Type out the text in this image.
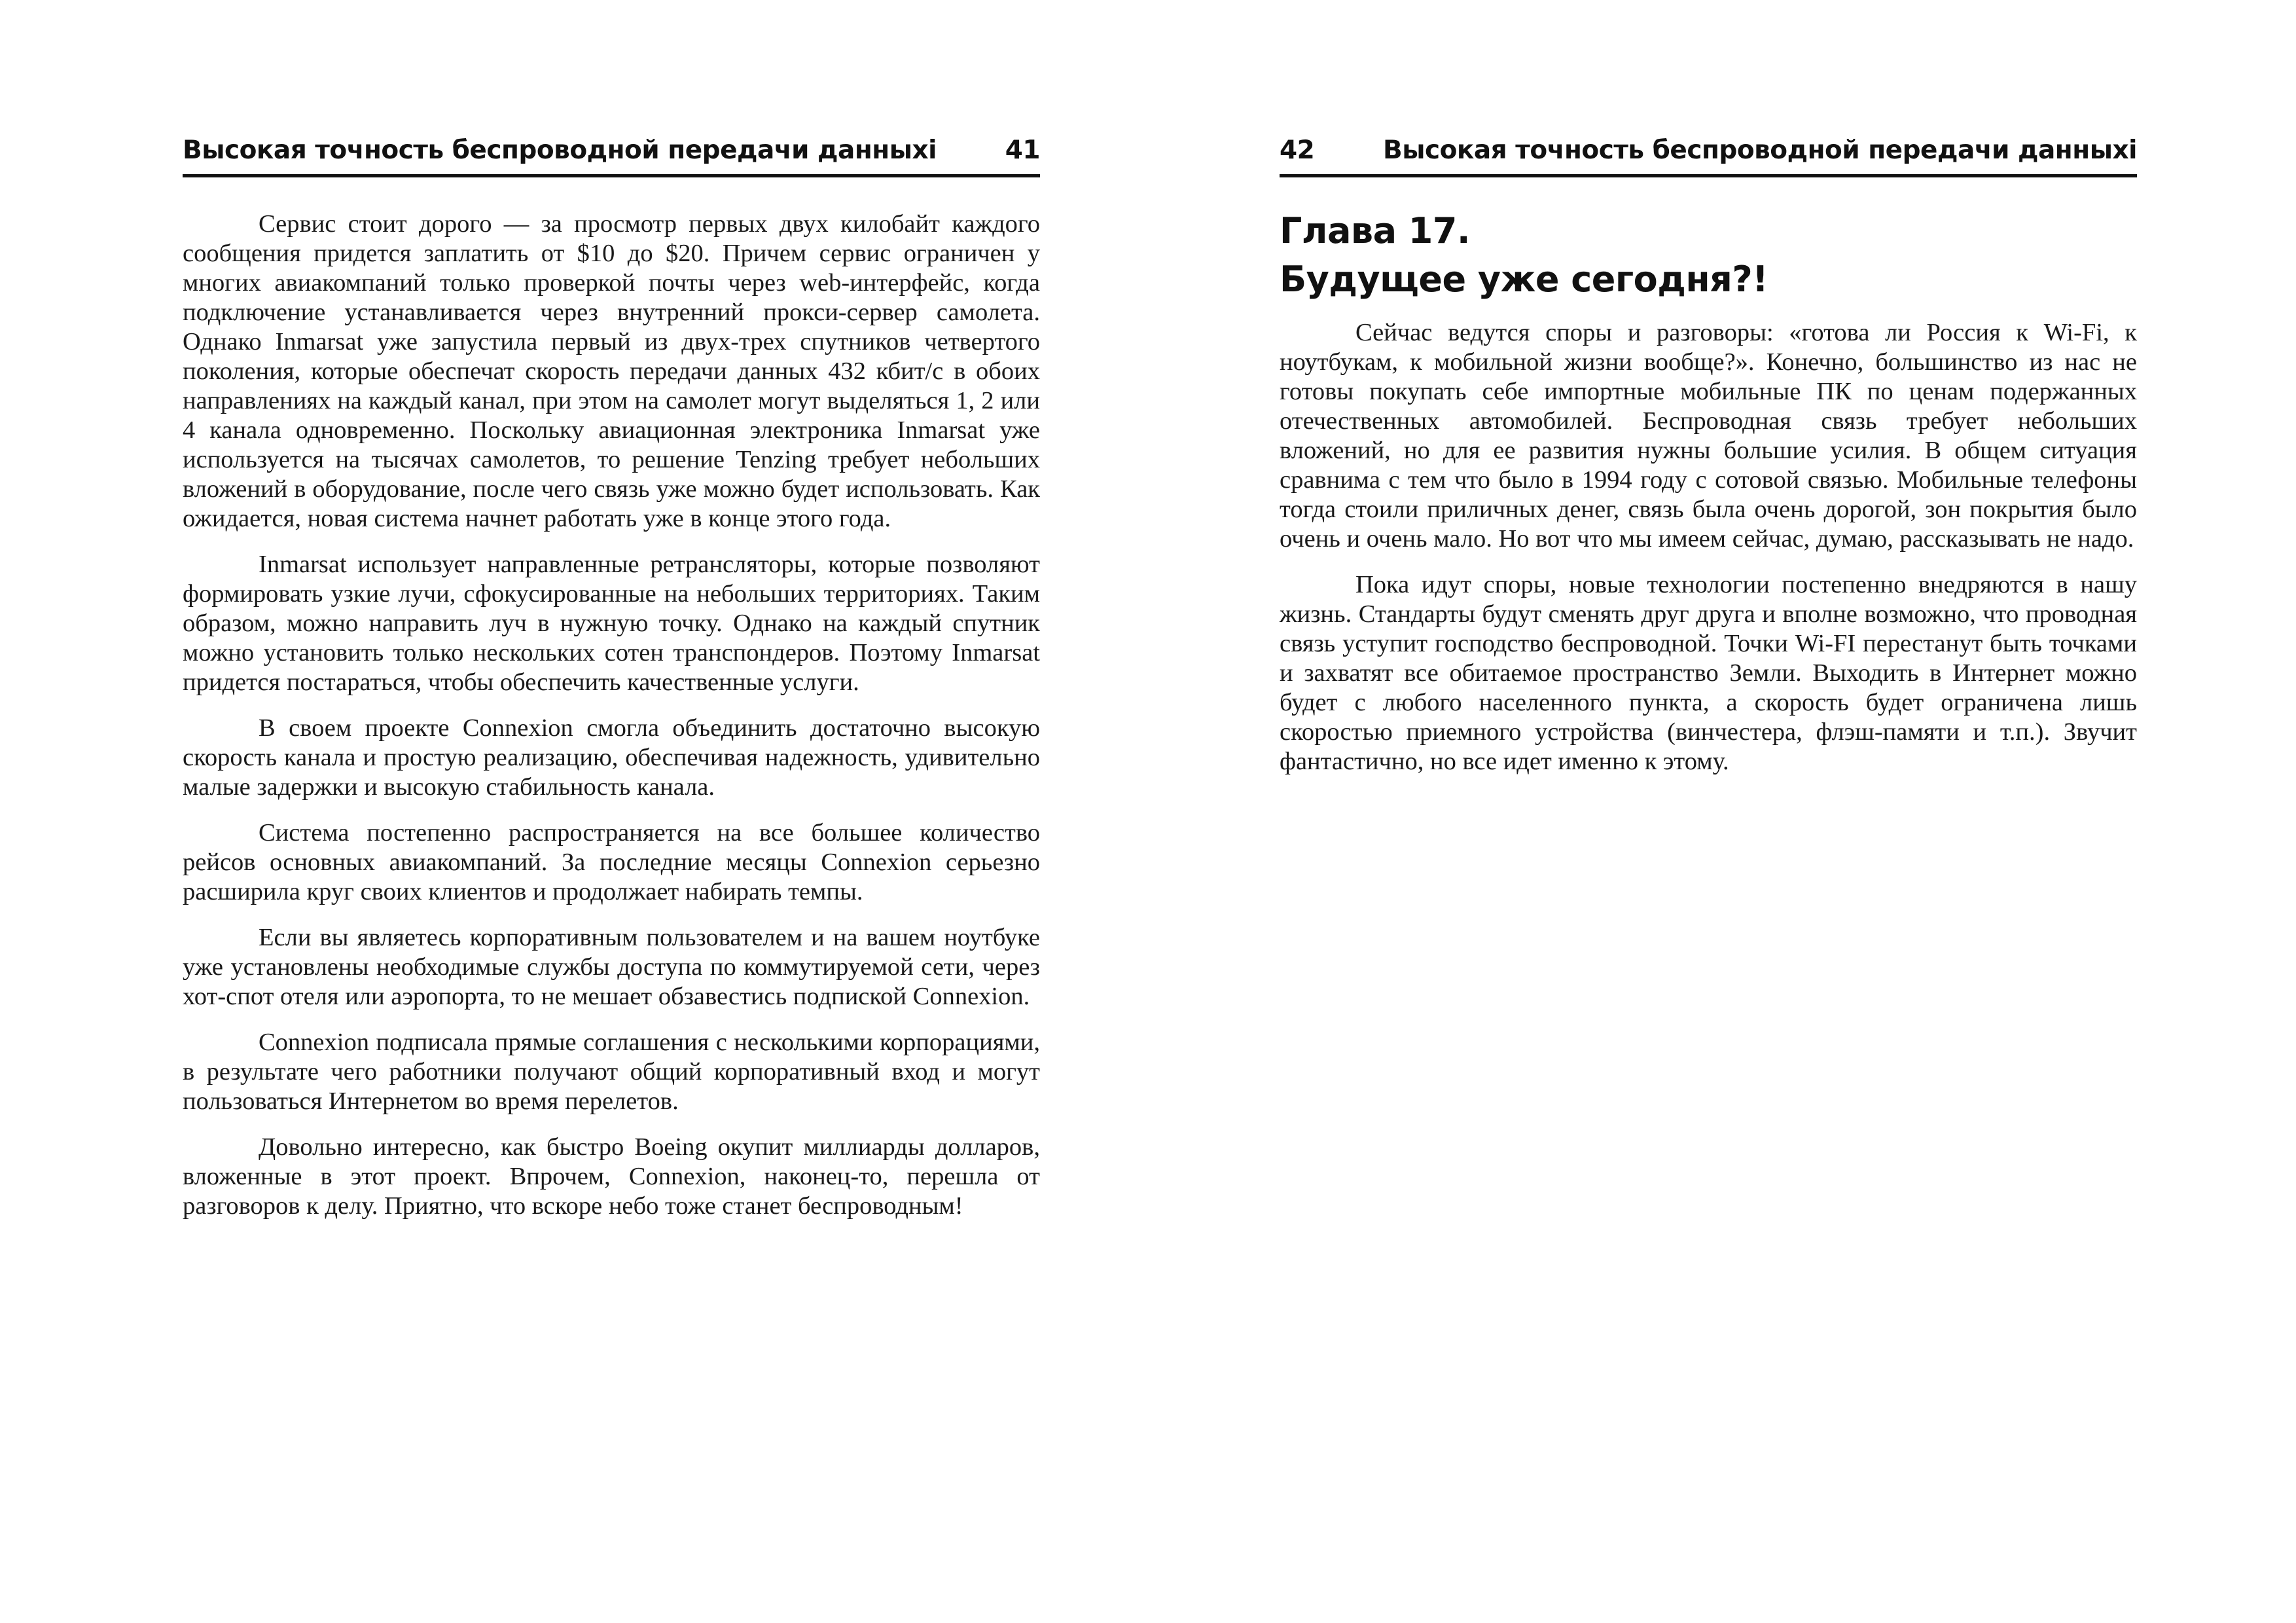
Высокая точность беспроводной передачи данныхі	41

Сервис стоит дорого — за просмотр первых двух килобайт каждого сообщения придется заплатить от $10 до $20. Причем сервис ограничен у многих авиакомпаний только проверкой почты через web-интерфейс, когда подключение устанавливается через внутренний прокси-сервер самолета. Однако Inmarsat уже запустила первый из двух-трех спутников четвертого поколения, которые обеспечат скорость передачи данных 432 кбит/с в обоих направлениях на каждый канал, при этом на самолет могут выделяться 1, 2 или 4 канала одновременно. Поскольку авиационная электроника Inmarsat уже используется на тысячах самолетов, то решение Tenzing требует небольших вложений в оборудование, после чего связь уже можно будет использовать. Как ожидается, новая система начнет работать уже в конце этого года.

Inmarsat использует направленные ретрансляторы, которые позволяют формировать узкие лучи, сфокусированные на небольших территориях. Таким образом, можно направить луч в нужную точку. Однако на каждый спутник можно установить только нескольких сотен транспондеров. Поэтому Inmarsat придется постараться, чтобы обеспечить качественные услуги.

В своем проекте Connexion смогла объединить достаточно высокую скорость канала и простую реализацию, обеспечивая надежность, удивительно малые задержки и высокую стабильность канала.

Система постепенно распространяется на все большее количество рейсов основных авиакомпаний. За последние месяцы Connexion серьезно расширила круг своих клиентов и продолжает набирать темпы.

Если вы являетесь корпоративным пользователем и на вашем ноутбуке уже установлены необходимые службы доступа по коммутируемой сети, через хот-спот отеля или аэропорта, то не мешает обзавестись подпиской Connexion.

Connexion подписала прямые соглашения с несколькими корпорациями, в результате чего работники получают общий корпоративный вход и могут пользоваться Интернетом во время перелетов.

Довольно интересно, как быстро Boeing окупит миллиарды долларов, вложенные в этот проект. Впрочем, Connexion, наконец-то, перешла от разговоров к делу. Приятно, что вскоре небо тоже станет беспроводным!

42	Высокая точность беспроводной передачи данныхі
Глава 17.
Будущее уже сегодня?!

Сейчас ведутся споры и разговоры: «готова ли Россия к Wi-Fi, к ноутбукам, к мобильной жизни вообще?». Конечно, большинство из нас не готовы покупать себе импортные мобильные ПК по ценам подержанных отечественных автомобилей. Беспроводная связь требует небольших вложений, но для ее развития нужны большие усилия. В общем ситуация сравнима с тем что было в 1994 году с сотовой связью. Мобильные телефоны тогда стоили приличных денег, связь была очень дорогой, зон покрытия было очень и очень мало. Но вот что мы имеем сейчас, думаю, рассказывать не надо.

Пока идут споры, новые технологии постепенно внедряются в нашу жизнь. Стандарты будут сменять друг друга и вполне возможно, что проводная связь уступит господство беспроводной. Точки Wi-FI перестанут быть точками и захватят все обитаемое пространство Земли. Выходить в Интернет можно будет с любого населенного пункта, а скорость будет ограничена лишь скоростью приемного устройства (винчестера, флэш-памяти и т.п.). Звучит фантастично, но все идет именно к этому.
